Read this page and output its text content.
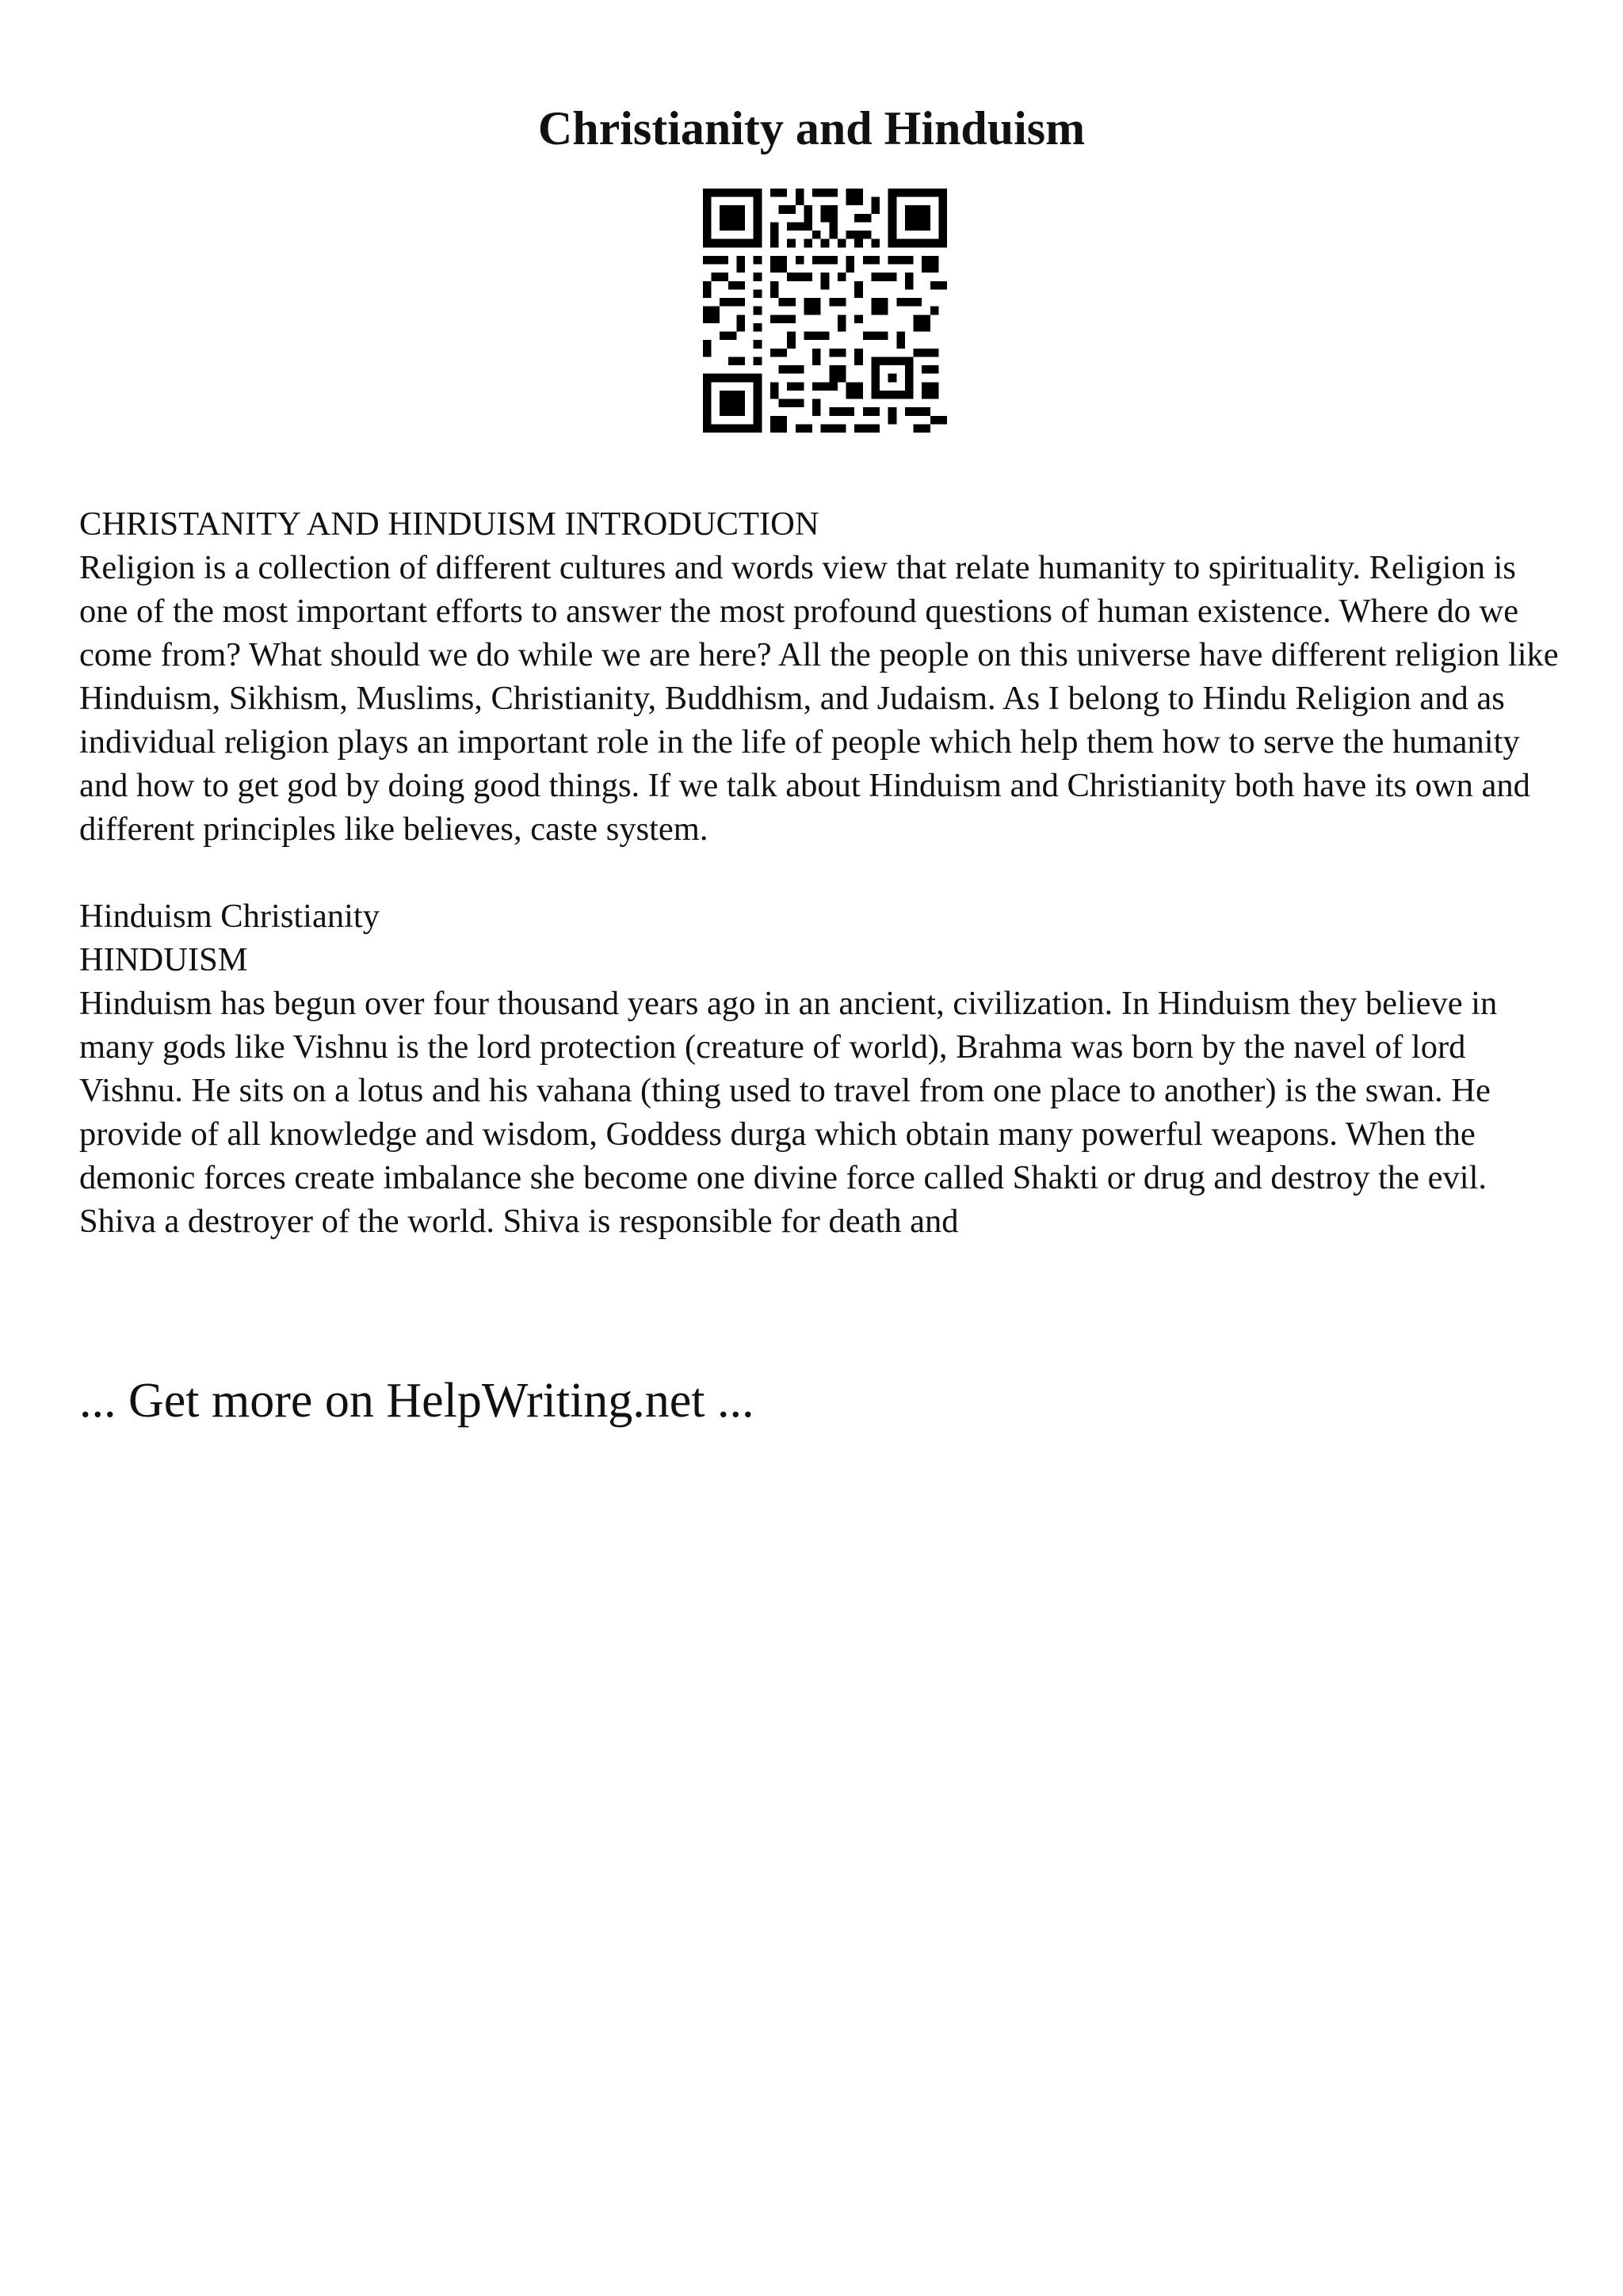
Christianity and Hinduism

CHRISTANITY AND HINDUISM INTRODUCTION

Religion is a collection of different cultures and words view that relate humanity to spirituality. Religion is one of the most important efforts to answer the most profound questions of human existence. Where do we come from? What should we do while we are here? All the people on this universe have different religion like Hinduism, Sikhism, Muslims, Christianity, Buddhism, and Judaism. As I belong to Hindu Religion and as individual religion plays an important role in the life of people which help them how to serve the humanity and how to get god by doing good things. If we talk about Hinduism and Christianity both have its own and different principles like believes, caste system.

Hinduism Christianity

HINDUISM

Hinduism has begun over four thousand years ago in an ancient, civilization. In Hinduism they believe in many gods like Vishnu is the lord protection (creature of world), Brahma was born by the navel of lord Vishnu. He sits on a lotus and his vahana (thing used to travel from one place to another) is the swan. He provide of all knowledge and wisdom, Goddess durga which obtain many powerful weapons. When the demonic forces create imbalance she become one divine force called Shakti or drug and destroy the evil. Shiva a destroyer of the world. Shiva is responsible for death and

... Get more on HelpWriting.net ...
